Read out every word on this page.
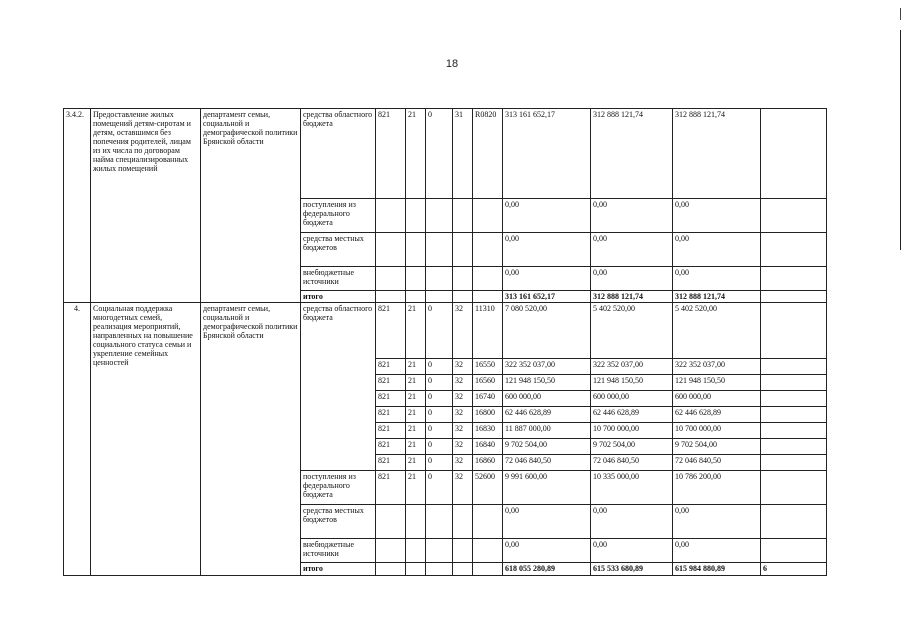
18
3.4.2.	Предоставление жилых помещений детям-сиротам и детям, оставшимся без попечения родителей, лицам из их числа по договорам найма специализированных жилых помещений	департамент семьи, социальной и демографической политики Брянской области	средства областного бюджета	821	21	0	31	R0820	313 161 652,17	312 888 121,74	312 888 121,74	
			поступления из федерального бюджета						0,00	0,00	0,00	
			средства местных бюджетов						0,00	0,00	0,00	
			внебюджетные источники						0,00	0,00	0,00	
			итого						313 161 652,17	312 888 121,74	312 888 121,74	
4.	Социальная поддержка многодетных семей, реализация мероприятий, направленных на повышение социального статуса семьи и укрепление семейных ценностей	департамент семьи, социальной и демографической политики Брянской области	средства областного бюджета	821	21	0	32	11310	7 080 520,00	5 402 520,00	5 402 520,00	
				821	21	0	32	16550	322 352 037,00	322 352 037,00	322 352 037,00	
				821	21	0	32	16560	121 948 150,50	121 948 150,50	121 948 150,50	
				821	21	0	32	16740	600 000,00	600 000,00	600 000,00	
				821	21	0	32	16800	62 446 628,89	62 446 628,89	62 446 628,89	
				821	21	0	32	16830	11 887 000,00	10 700 000,00	10 700 000,00	
				821	21	0	32	16840	9 702 504,00	9 702 504,00	9 702 504,00	
				821	21	0	32	16860	72 046 840,50	72 046 840,50	72 046 840,50	
			поступления из федерального бюджета	821	21	0	32	52600	9 991 600,00	10 335 000,00	10 786 200,00	
			средства местных бюджетов						0,00	0,00	0,00	
			внебюджетные источники						0,00	0,00	0,00	
			итого						618 055 280,89	615 533 680,89	615 984 880,89	6
